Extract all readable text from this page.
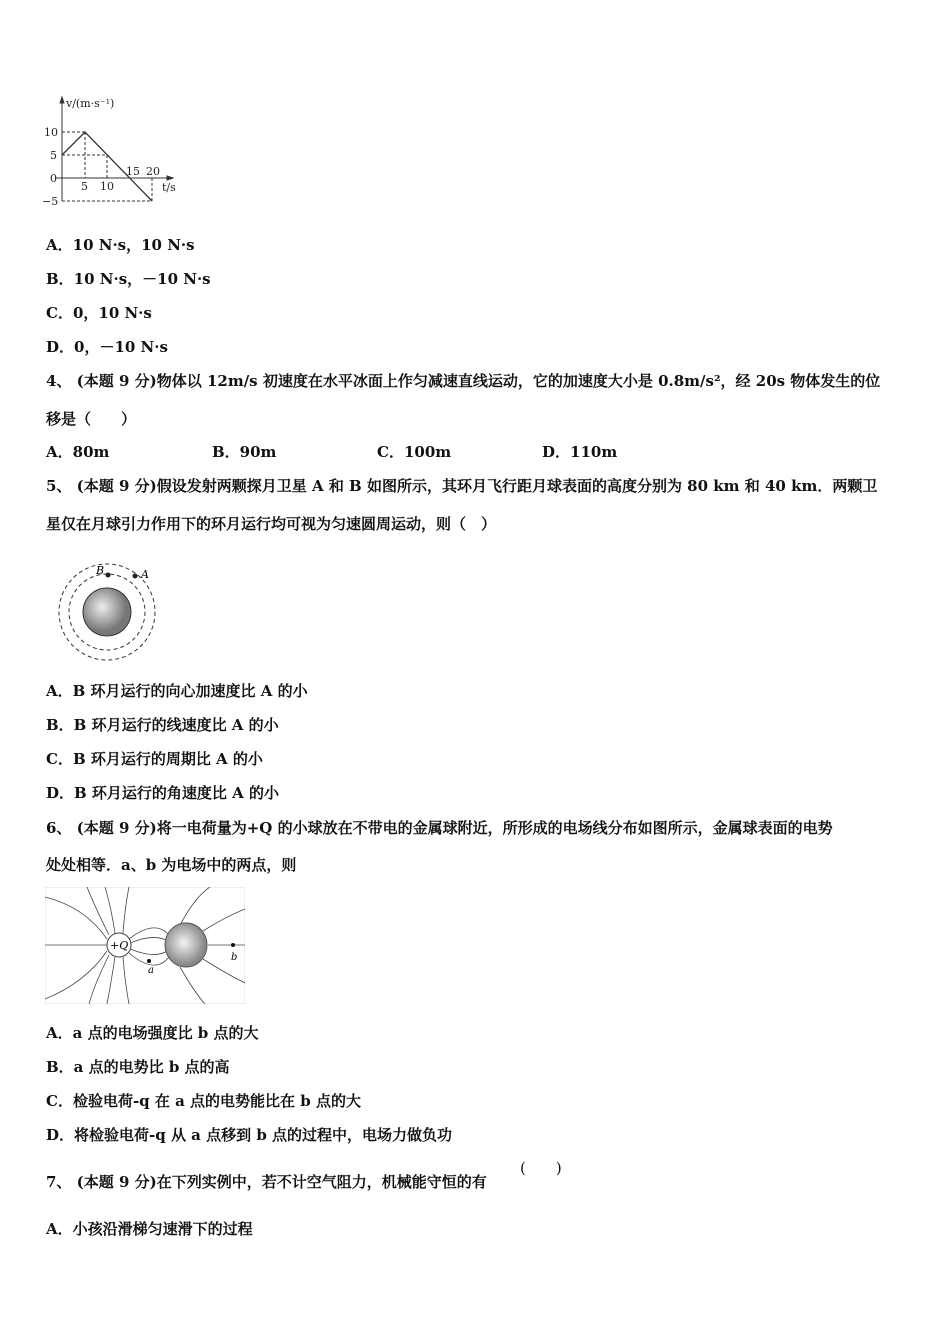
v/(m·s⁻¹)
10
5
0
−5
5 10
15 20
t/s
A．10 N·s，10 N·s
B．10 N·s，－10 N·s
C．0，10 N·s
D．0，－10 N·s
4、 (本题 9 分)物体以 12m/s 初速度在水平冰面上作匀减速直线运动，它的加速度大小是 0.8m/s²，经 20s 物体发生的位
移是（　　）
A．80m	B．90m	C．100m	D．110m
5、 (本题 9 分)假设发射两颗探月卫星 A 和 B 如图所示，其环月飞行距月球表面的高度分别为 80 km 和 40 km．两颗卫
星仅在月球引力作用下的环月运行均可视为匀速圆周运动，则（　）
B	A
A．B 环月运行的向心加速度比 A 的小
B．B 环月运行的线速度比 A 的小
C．B 环月运行的周期比 A 的小
D．B 环月运行的角速度比 A 的小
6、 (本题 9 分)将一电荷量为+Q 的小球放在不带电的金属球附近，所形成的电场线分布如图所示，金属球表面的电势
处处相等．a、b 为电场中的两点，则
+Q
a
b
A．a 点的电场强度比 b 点的大
B．a 点的电势比 b 点的高
C．检验电荷-q 在 a 点的电势能比在 b 点的大
D．将检验电荷-q 从 a 点移到 b 点的过程中，电场力做负功
7、 (本题 9 分)在下列实例中，若不计空气阻力，机械能守恒的有
(　　)
A．小孩沿滑梯匀速滑下的过程
